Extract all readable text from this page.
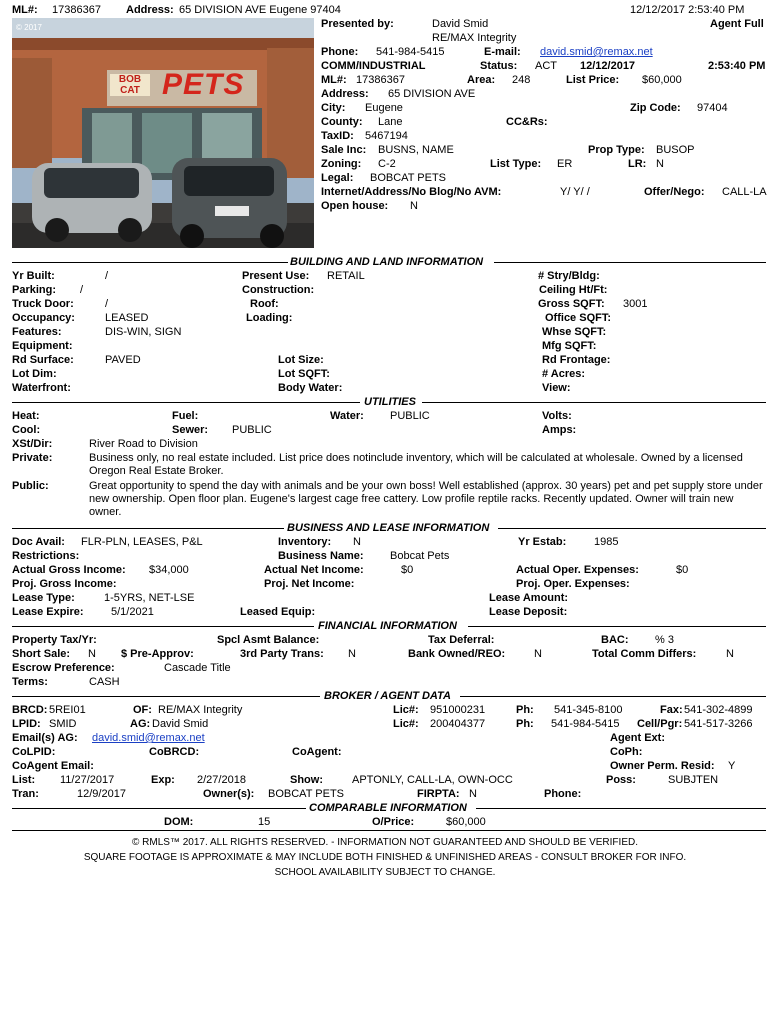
ML#: 17386367 Address: 65 DIVISION AVE Eugene 97404	12/12/2017 2:53:40 PM
Agent Full
© 2017
BOB CAT PETS
Presented by:	David Smid
RE/MAX Integrity
Phone: 541-984-5415	E-mail: david.smid@remax.net
COMM/INDUSTRIAL	Status: ACT 12/12/2017	2:53:40 PM
ML#: 17386367	Area: 248	List Price: $60,000
Address: 65 DIVISION AVE
City: Eugene	Zip Code: 97404
County: Lane	CC&Rs:
TaxID: 5467194
Sale Inc: BUSNS, NAME	Prop Type: BUSOP
Zoning: C-2	List Type: ER	LR: N
Legal: BOBCAT PETS
Internet/Address/No Blog/No AVM:	Y/ Y/ /	Offer/Nego: CALL-LA
Open house: N
BUILDING AND LAND INFORMATION
Yr Built:	/	Present Use: RETAIL	# Stry/Bldg:
Parking: /	Construction:	Ceiling Ht/Ft:
Truck Door:	/	Roof:	Gross SQFT: 3001
Occupancy:	LEASED	Loading:	Office SQFT:
Features:	DIS-WIN, SIGN	Whse SQFT:
Equipment:	Mfg SQFT:
Rd Surface:	PAVED	Lot Size:	Rd Frontage:
Lot Dim:	Lot SQFT:	# Acres:
Waterfront:	Body Water:	View:
UTILITIES
Heat:	Fuel:	Water: PUBLIC	Volts:
Cool:	Sewer: PUBLIC	Amps:
XSt/Dir:	River Road to Division
Private:	Business only, no real estate included. List price does notinclude inventory, which will be calculated at wholesale. Owned by a licensed Oregon Real Estate Broker.
Public:	Great opportunity to spend the day with animals and be your own boss! Well established (approx. 30 years) pet and pet supply store under new ownership. Open floor plan. Eugene's largest cage free cattery. Low profile reptile racks. Recently updated. Owner will train new owner.
BUSINESS AND LEASE INFORMATION
Doc Avail: FLR-PLN, LEASES, P&L	Inventory: N	Yr Estab:	1985
Restrictions:	Business Name: Bobcat Pets
Actual Gross Income: $34,000	Actual Net Income:	$0	Actual Oper. Expenses:	$0
Proj. Gross Income:	Proj. Net Income:	Proj. Oper. Expenses:
Lease Type:	1-5YRS, NET-LSE	Lease Amount:
Lease Expire: 5/1/2021	Leased Equip:	Lease Deposit:
FINANCIAL INFORMATION
Property Tax/Yr:	Spcl Asmt Balance:	Tax Deferral:	BAC: % 3
Short Sale: N $ Pre-Approv:	3rd Party Trans: N	Bank Owned/REO:	N	Total Comm Differs:	N
Escrow Preference:	Cascade Title
Terms:	CASH
BROKER / AGENT DATA
BRCD: 5REI01	OF: RE/MAX Integrity	Lic#: 951000231	Ph: 541-345-8100	Fax: 541-302-4899
LPID: SMID	AG: David Smid	Lic#: 200404377	Ph: 541-984-5415 Cell/Pgr: 541-517-3266
Email(s) AG: david.smid@remax.net	Agent Ext:
CoLPID:	CoBRCD:	CoAgent:	CoPh:
CoAgent Email:	Owner Perm. Resid: Y
List: 11/27/2017	Exp: 2/27/2018	Show:	APTONLY, CALL-LA, OWN-OCC	Poss:	SUBJTEN
Tran:	12/9/2017	Owner(s): BOBCAT PETS	FIRPTA: N	Phone:
COMPARABLE INFORMATION
DOM:	15	O/Price:	$60,000
© RMLS™ 2017. ALL RIGHTS RESERVED. - INFORMATION NOT GUARANTEED AND SHOULD BE VERIFIED.
SQUARE FOOTAGE IS APPROXIMATE & MAY INCLUDE BOTH FINISHED & UNFINISHED AREAS - CONSULT BROKER FOR INFO.
SCHOOL AVAILABILITY SUBJECT TO CHANGE.
